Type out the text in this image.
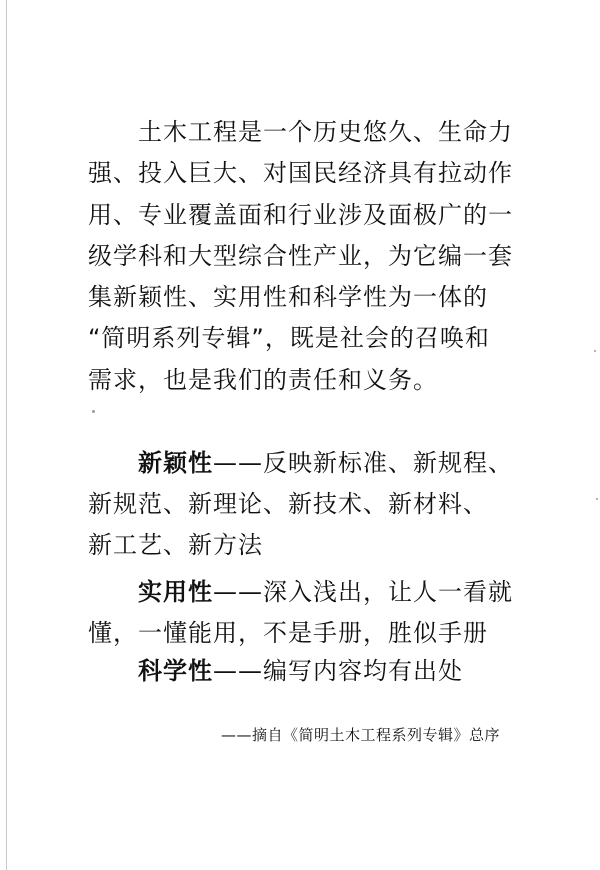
土木工程是一个历史悠久、生命力
强、投入巨大、对国民经济具有拉动作
用、专业覆盖面和行业涉及面极广的一
级学科和大型综合性产业，为它编一套
集新颖性、实用性和科学性为一体的
“简明系列专辑”，既是社会的召唤和
需求，也是我们的责任和义务。
新颖性——反映新标准、新规程、
新规范、新理论、新技术、新材料、
新工艺、新方法
实用性——深入浅出，让人一看就
懂，一懂能用，不是手册，胜似手册
科学性——编写内容均有出处
——摘自《简明土木工程系列专辑》总序
